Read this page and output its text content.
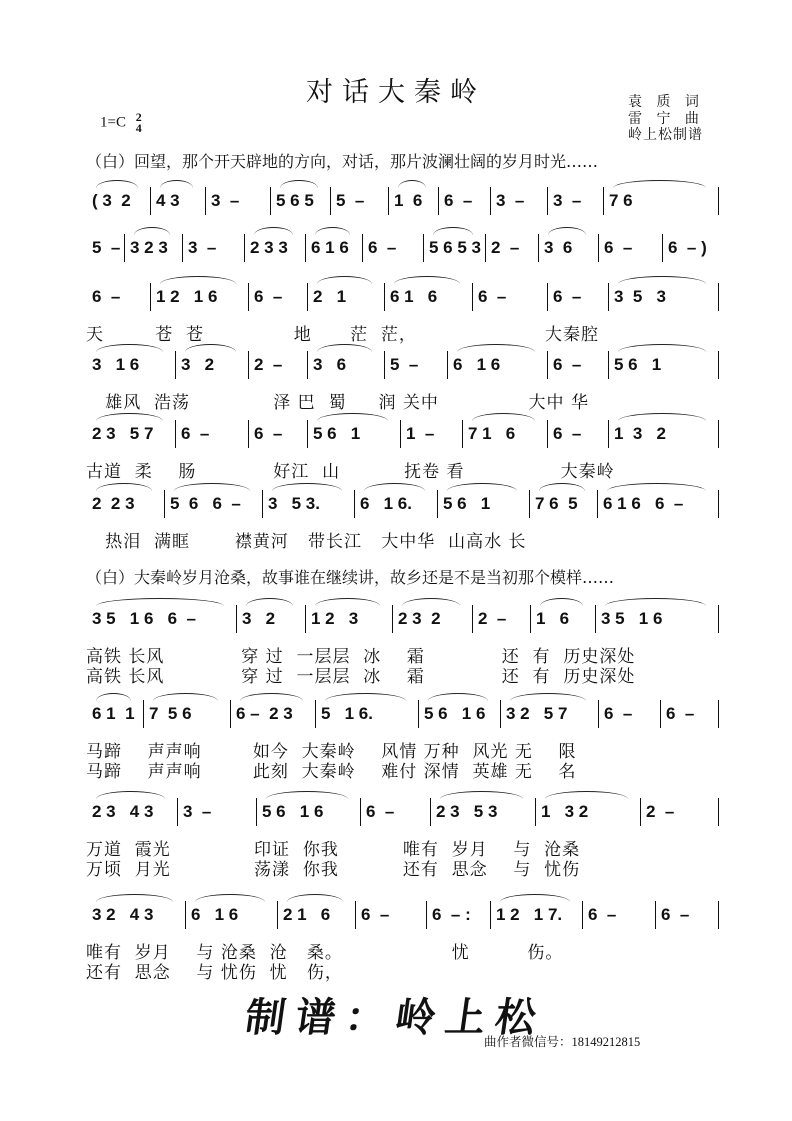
对话大秦岭
1=C 2
4
袁 质 词
雷 宁 曲
岭上松制谱
（白）回望，那个开天辟地的方向，对话，那片波澜壮阔的岁月时光……
（白）大秦岭岁月沧桑，故事谁在继续讲，故乡还是不是当初那个模样……
( 3  2	4 3	3  –	5 6 5	5  –	1  6	6  –	3  –	3  –	7 6
5  – 3 2 3	3  –	2 3 3	6 1 6	6  –	5 6 5 3 2  –	3  6	6  –	6  – )
6  –	1 2   1 6	6  –	2   1	6 1   6	6  –	6  –	3  5   3
天        苍  苍              地      茫  茫，                    大秦腔
3   1 6	3   2	2  –	3   6	5  –	6   1 6	6  –	5 6   1
雄风  浩荡             泽 巴  蜀     润 关中              大中 华
2 3   5 7	6  –	6  –	5 6   1	1  –	7 1   6	6  –	1  3   2
古道  柔    肠            好江  山          抚卷 看               大秦岭
2  2 3	5  6   6  –	3   5 3.	6   1 6.	5 6   1	7 6  5	6 1 6   6  –
热泪  满眶       襟黄河   带长江   大中华  山高水 长
3 5   1 6   6  –	3   2	1 2   3	2 3  2	2  –	1   6	3 5   1 6
高铁 长风            穿 过  一层层  冰    霜            还  有  历史深处
高铁 长风            穿 过  一层层  冰    霜            还  有  历史深处
6 1  1 7  5 6	6 –  2 3	5   1 6.	5 6   1 6	3 2   5 7	6  –	6  –
马蹄    声声响        如今  大秦岭    风情 万种  风光 无    限
马蹄    声声响        此刻  大秦岭    难付 深情  英雄 无    名
2 3   4 3	3  –	5 6   1 6	6  –	2 3   5 3	1   3 2	2  –
万道  霞光             印证  你我          唯有  岁月    与  沧桑
万顷  月光             荡漾  你我          还有  思念    与  忧伤
3 2   4 3	6   1 6	2 1   6	6  –	6  – :	1 2   1 7.	6  –	6  –
唯有  岁月    与 沧桑  沧   桑。                 忧         伤。
还有  思念    与 忧伤  忧   伤，
制谱：岭上松
曲作者微信号：18149212815
